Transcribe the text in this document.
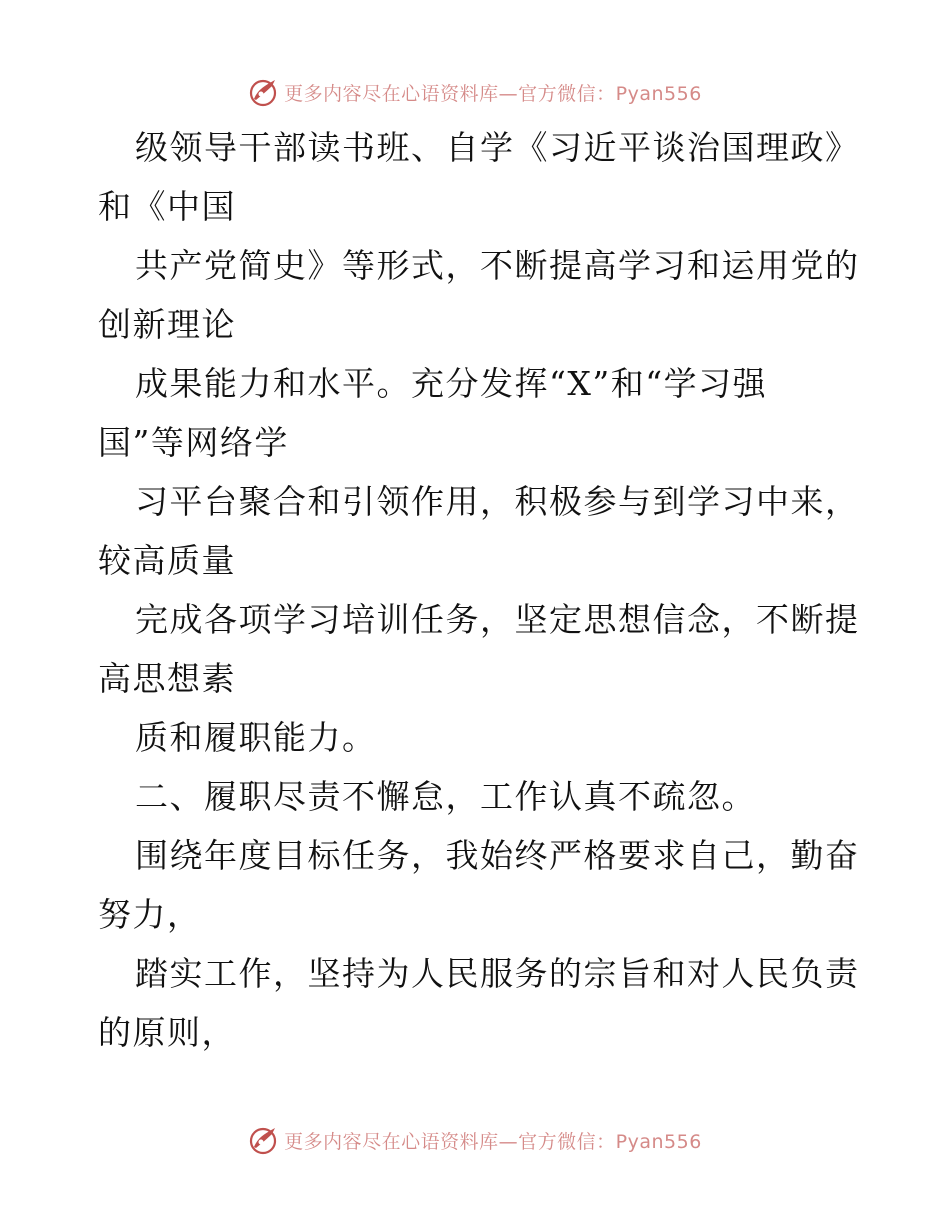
更多内容尽在心语资料库—官方微信：Pyan556
级领导干部读书班、自学《习近平谈治国理政》
和《中国
共产党简史》等形式，不断提高学习和运用党的
创新理论
成果能力和水平。充分发挥“X”和“学习强
国”等网络学
习平台聚合和引领作用，积极参与到学习中来，
较高质量
完成各项学习培训任务，坚定思想信念，不断提
高思想素
质和履职能力。
二、履职尽责不懈怠，工作认真不疏忽。
围绕年度目标任务，我始终严格要求自己，勤奋
努力，
踏实工作，坚持为人民服务的宗旨和对人民负责
的原则，
更多内容尽在心语资料库—官方微信：Pyan556
